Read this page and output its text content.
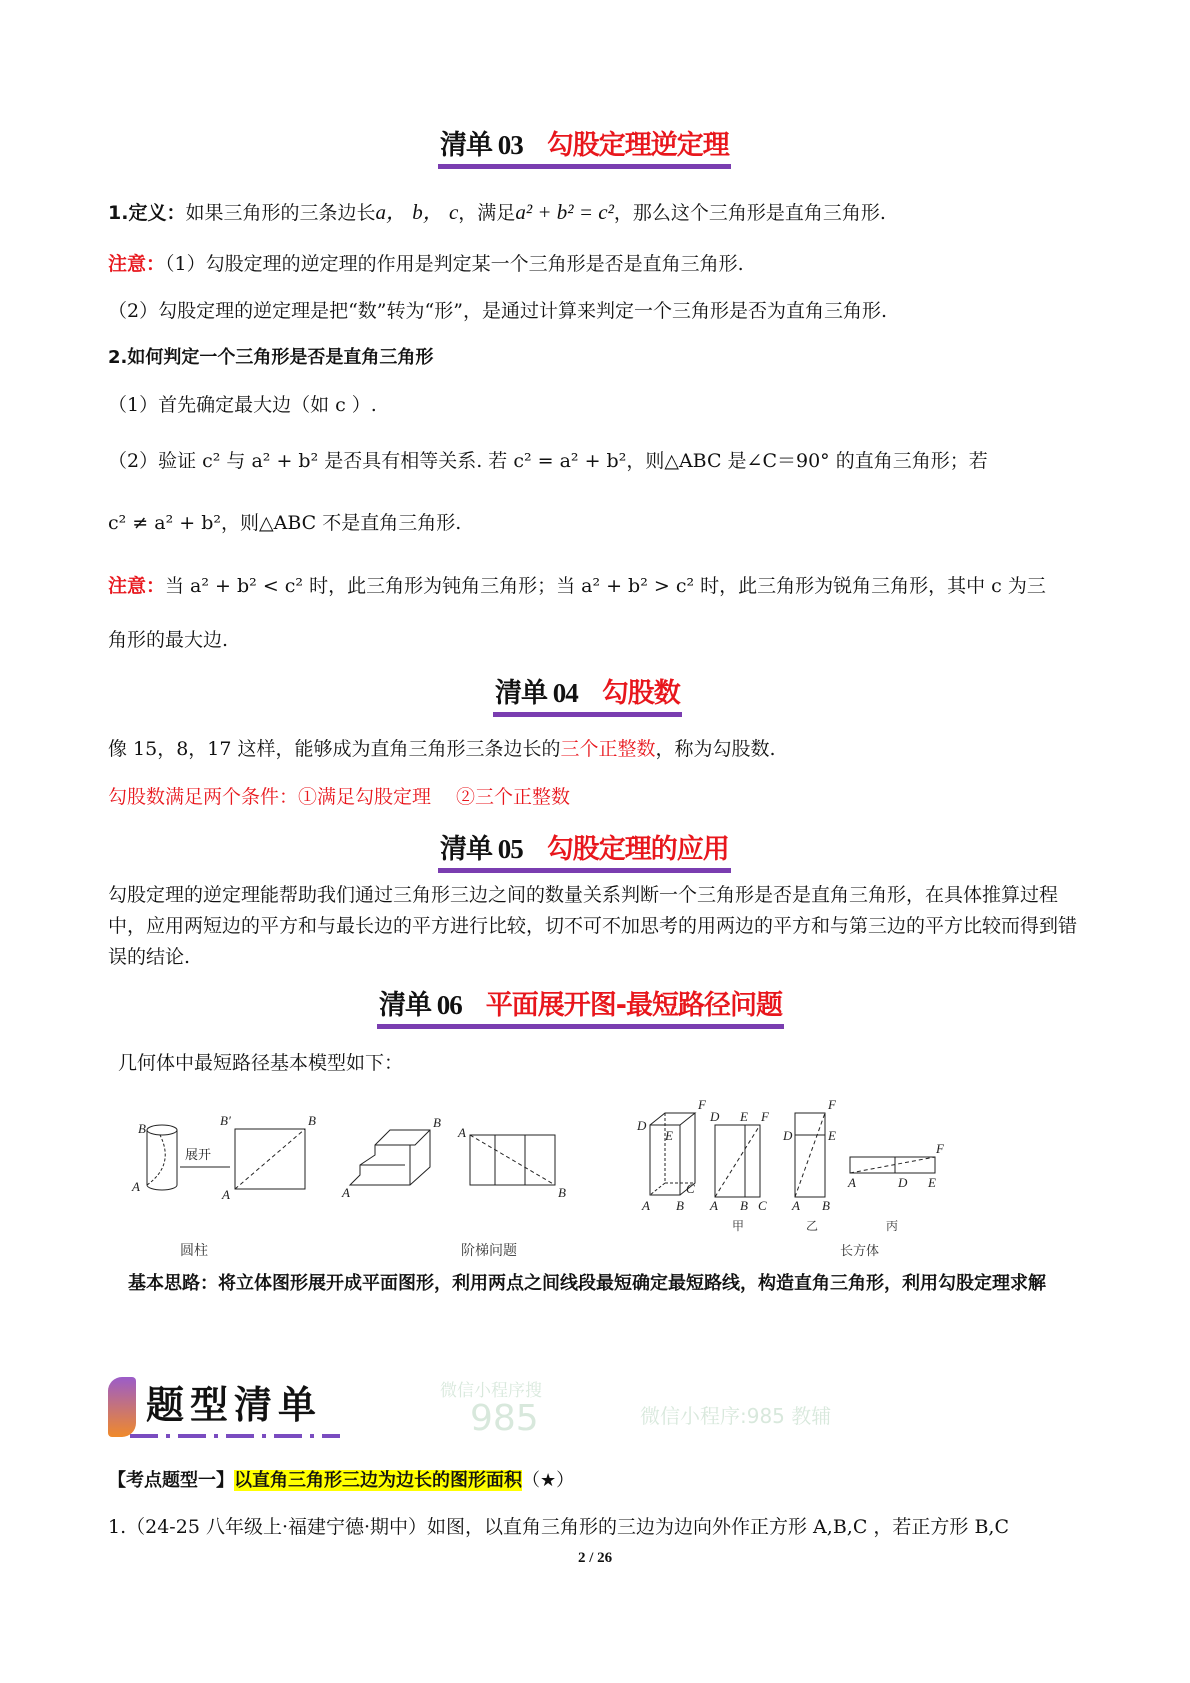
清单 03 勾股定理逆定理
1.定义：如果三角形的三条边长a， b， c，满足a² + b² = c²，那么这个三角形是直角三角形.
注意：（1）勾股定理的逆定理的作用是判定某一个三角形是否是直角三角形.
（2）勾股定理的逆定理是把“数”转为“形”，是通过计算来判定一个三角形是否为直角三角形.
2.如何判定一个三角形是否是直角三角形
（1）首先确定最大边（如 c ）.
（2）验证 c² 与 a² + b² 是否具有相等关系. 若 c² = a² + b²，则△ABC 是∠C＝90° 的直角三角形；若
c² ≠ a² + b²，则△ABC 不是直角三角形.
注意：当 a² + b² < c² 时，此三角形为钝角三角形；当 a² + b² > c² 时，此三角形为锐角三角形，其中 c 为三
角形的最大边.
清单 04 勾股数
像 15，8，17 这样，能够成为直角三角形三条边长的三个正整数，称为勾股数.
勾股数满足两个条件：①满足勾股定理　 ②三个正整数
清单 05 勾股定理的应用
勾股定理的逆定理能帮助我们通过三角形三边之间的数量关系判断一个三角形是否是直角三角形，在具体推算过程中，应用两短边的平方和与最长边的平方进行比较，切不可不加思考的用两边的平方和与第三边的平方比较而得到错误的结论.
清单 06 平面展开图-最短路径问题
几何体中最短路径基本模型如下：
B
A
B′	B
A
展开
A
B
A
B
F
D
E
C
A B
D E F
A B C
F
D	E
A B
F
A	D E
甲	乙	丙
圆柱	阶梯问题	长方体
基本思路：将立体图形展开成平面图形，利用两点之间线段最短确定最短路线，构造直角三角形，利用勾股定理求解
题型清单	微信小程序搜
985	微信小程序:985 教辅
【考点题型一】以直角三角形三边为边长的图形面积（★）
1.（24-25 八年级上·福建宁德·期中）如图，以直角三角形的三边为边向外作正方形 A,B,C ，若正方形 B,C
2 / 26
